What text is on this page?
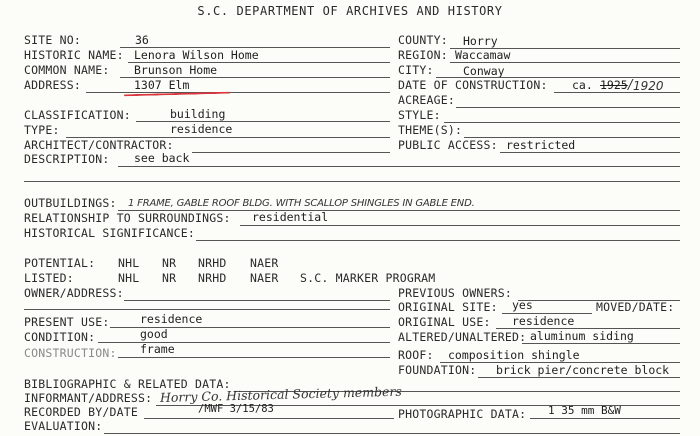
S.C. DEPARTMENT OF ARCHIVES AND HISTORY
SITE NO:	36
HISTORIC NAME: Lenora Wilson Home
COMMON NAME: Brunson Home
ADDRESS:	1307 Elm
COUNTY: Horry
REGION: Waccamaw
CITY:	Conway
DATE OF CONSTRUCTION: ca. 1925 1920
/
ACREAGE:
STYLE:
THEME(S):
PUBLIC ACCESS: restricted
CLASSIFICATION:	building
TYPE:	residence
ARCHITECT/CONTRACTOR:
DESCRIPTION: see back
OUTBUILDINGS: 1 FRAME, GABLE ROOF BLDG. WITH SCALLOP SHINGLES IN GABLE END.
RELATIONSHIP TO SURROUNDINGS: residential
HISTORICAL SIGNIFICANCE:
POTENTIAL: NHL NR NRHD NAER
LISTED:	NHL NR NRHD NAER S.C. MARKER PROGRAM
OWNER/ADDRESS:	PREVIOUS OWNERS:
ORIGINAL SITE: yes	MOVED/DATE:
ORIGINAL USE: residence
ALTERED/UNALTERED: aluminum siding
ROOF: composition shingle
FOUNDATION: brick pier/concrete block
PRESENT USE:	residence
CONDITION:	good
CONSTRUCTION: frame
BIBLIOGRAPHIC & RELATED DATA:
INFORMANT/ADDRESS: Horry Co. Historical Society members
RECORDED BY/DATE	/MWF 3/15/83	PHOTOGRAPHIC DATA: 1 35 mm B&W
EVALUATION:
